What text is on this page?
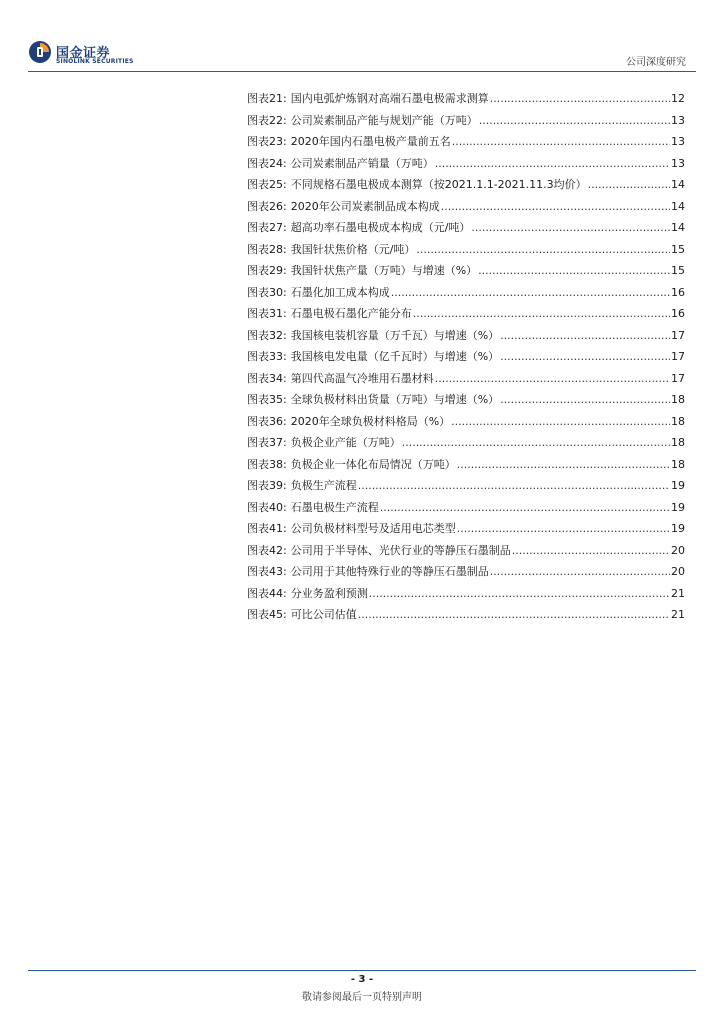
国金证券
SINOLINK SECURITIES	公司深度研究
图表21: 国内电弧炉炼钢对高端石墨电极需求测算 .....	12
图表22: 公司炭素制品产能与规划产能（万吨） .....	13
图表23: 2020年国内石墨电极产量前五名 .....	13
图表24: 公司炭素制品产销量（万吨） .....	13
图表25: 不同规格石墨电极成本测算（按2021.1.1-2021.11.3均价） .....	14
图表26: 2020年公司炭素制品成本构成 .....	14
图表27: 超高功率石墨电极成本构成（元/吨） .....	14
图表28: 我国针状焦价格（元/吨） .....	15
图表29: 我国针状焦产量（万吨）与增速（%） .....	15
图表30: 石墨化加工成本构成 .....	16
图表31: 石墨电极石墨化产能分布 .....	16
图表32: 我国核电装机容量（万千瓦）与增速（%） .....	17
图表33: 我国核电发电量（亿千瓦时）与增速（%） .....	17
图表34: 第四代高温气冷堆用石墨材料 .....	17
图表35: 全球负极材料出货量（万吨）与增速（%） .....	18
图表36: 2020年全球负极材料格局（%） .....	18
图表37: 负极企业产能（万吨） .....	18
图表38: 负极企业一体化布局情况（万吨） .....	18
图表39: 负极生产流程 .....	19
图表40: 石墨电极生产流程 .....	19
图表41: 公司负极材料型号及适用电芯类型 .....	19
图表42: 公司用于半导体、光伏行业的等静压石墨制品 .....	20
图表43: 公司用于其他特殊行业的等静压石墨制品 .....	20
图表44: 分业务盈利预测 .....	21
图表45: 可比公司估值 .....	21
- 3 -
敬请参阅最后一页特别声明
